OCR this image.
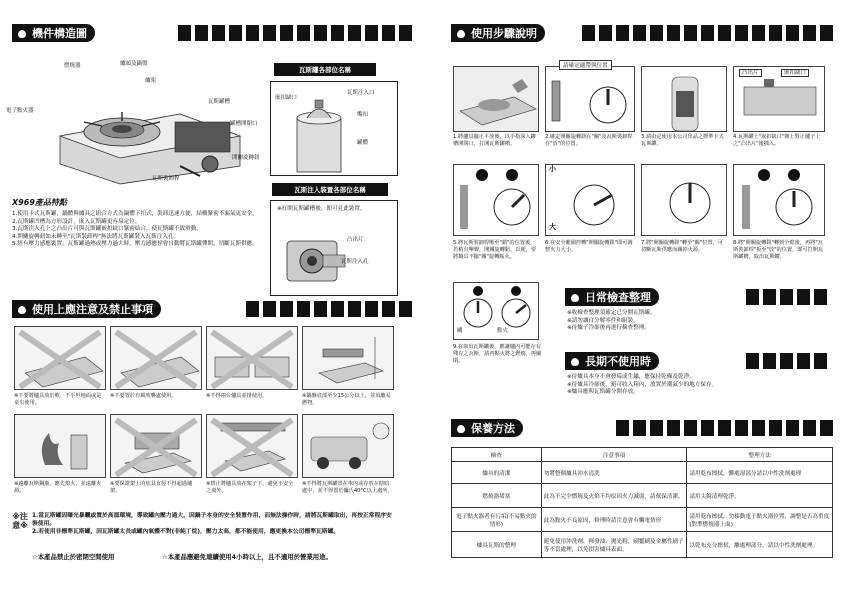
機件構造圖
燃燒器	爐頭及鍋盤
爐架
電子點火器
瓦斯罐槽
罐槽開閉口
開關旋轉鈕
瓦斯裝卸桿
瓦斯罐各部位名稱
嵌扣缺口
瓦斯注入口
嘴扣
罐體
X969產品特點
1.使用卡式瓦斯罐，鍋體與爐具之組合方式為鍋體下扣式，裝卸迅速方便，結構緊密不漏氣更安全。
2.瓦斯罐凹槽為方形設計，嵌入瓦斯罐更容易定位。
3.瓦斯注入孔上之凸出片可與瓦斯罐嵌扣缺口緊密結合，使瓦斯罐不致滑動。
4.開關旋轉鈕如未轉至"瓦斯裝卸桿"無法將瓦斯罐裝入瓦斯注入孔。
5.經有壓力感應裝置，瓦斯罐過熱或壓力過大時，壓力感應栓會自動將瓦斯罐彈開，切斷瓦斯供應。
瓦斯注入裝置各部位名稱
※打開瓦斯罐槽後，即可見此裝置。
凸出片
瓦斯注入孔
使用上應注意及禁止事項
※不要將爐具放於軟、不平坦地面或是桌巾使用。
※不要置於有風吹襲處使用。	※不得兩台爐具並排使用。	※鍋盤底部至少15公分以上，並須離易燃物。
※遠離瓦斯鋼瓶，應先熄火，並遠離火源。
※要保證架上的炊具直徑不得超過爐架。
※禁止將爐具放在架子下，避免不安全之虞外。
※不得將瓦斯罐置在車內或存放在陰暗處中，並不得置於攝氏40°C以上處所。
※注意※
1.當瓦斯罐因曝光暴曬或置於高溫環境，導致罐內壓力過大，因鍋子本身的安全裝置作用，而無法操作時，請將瓦斯罐取出，再按正常程序安裝使用。
2.若使用非標準瓦斯罐，因瓦斯罐太長或罐內氣體不對(非純丁烷)，壓力太高，都不能使用，應更換本公司標準瓦斯罐。
☆本產品禁止於密閉空間使用	☆本產品應避免連續使用4小時以上，且不適用於營業用途。
使用步驟說明
請確定適帶與位置
凸出片	嵌扣缺口
1.將爐具擺正平放後，以手指深入罐槽開閉口，打開瓦斯罐槽。
2.確定開關旋轉鈕在"關"及瓦斯裝卸桿在"放"的位置。
3.請由定使用本公司出品之標準卡式瓦斯罐。
4.瓦斯罐上"嵌扣缺口"朝上對正爐子上之"凸出片"後插入。
小
大
5.將瓦斯裝卸桿壓至"鎖"的位置後，若稍有嗶聲，開關旋轉鈕，以便，要將鍋具不擺"關"旋轉點火。
6.在安全範圍控轉"開關旋轉鈕"即可調整火力大小。
7.將"開關旋轉鈕"轉至"關"位置，可切斷瓦斯供應而關掉火源。
8.將"開關旋轉鈕"轉到全熄後，再將"瓦斯裝卸桿"扳至"放"的位置，即可打開瓦斯罐槽，取出瓦斯罐。
關	點火
9.在取出瓦斯罐後，應讓爐內可能存有殘存之瓦斯，請再點火將之燃燒，再關閉。
日常檢查整理
※收檢查整理須確定已分開瓦斯罐。
※請勿讓自分解零件和組裝。
※待爐子冷卻後再進行檢查整理。
長期不使用時
※待爐具本身不會發霉或生鏽，應保持乾燥及乾淨。
※待爐具冷卻後，避可收入箱內，放置於潮氣少的地方保存。
※爐具應與瓦斯罐分開存放。
保養方法
檢查	注意事項	整理方法
爐具的清潔	勿將整個爐具沖水清洗	請用乾布擦拭，髒處湿部分請以中性洗劑處理
燃燒器堵塞	此為不完全燃燒及火焰不均原因火力減弱，請幫保清潔。	請用尖銳清理乾淨。
電子點火器者有污垢(不易點火的情形)	此為點火不良原因，修理時請注意會有觸電情形	請用乾布擦拭，勿移動電子點火器位置，調整是否為重度(對準燃燒器上面)
爐具瓦斯的整理	避免使用沖洗劑、揮發油、拋光粉、刷鬣刷及金屬性刷子等不當處理，以免損害爐具表面。	以乾布充分擦拭，離處理部分，請以中性洗劑處理。
